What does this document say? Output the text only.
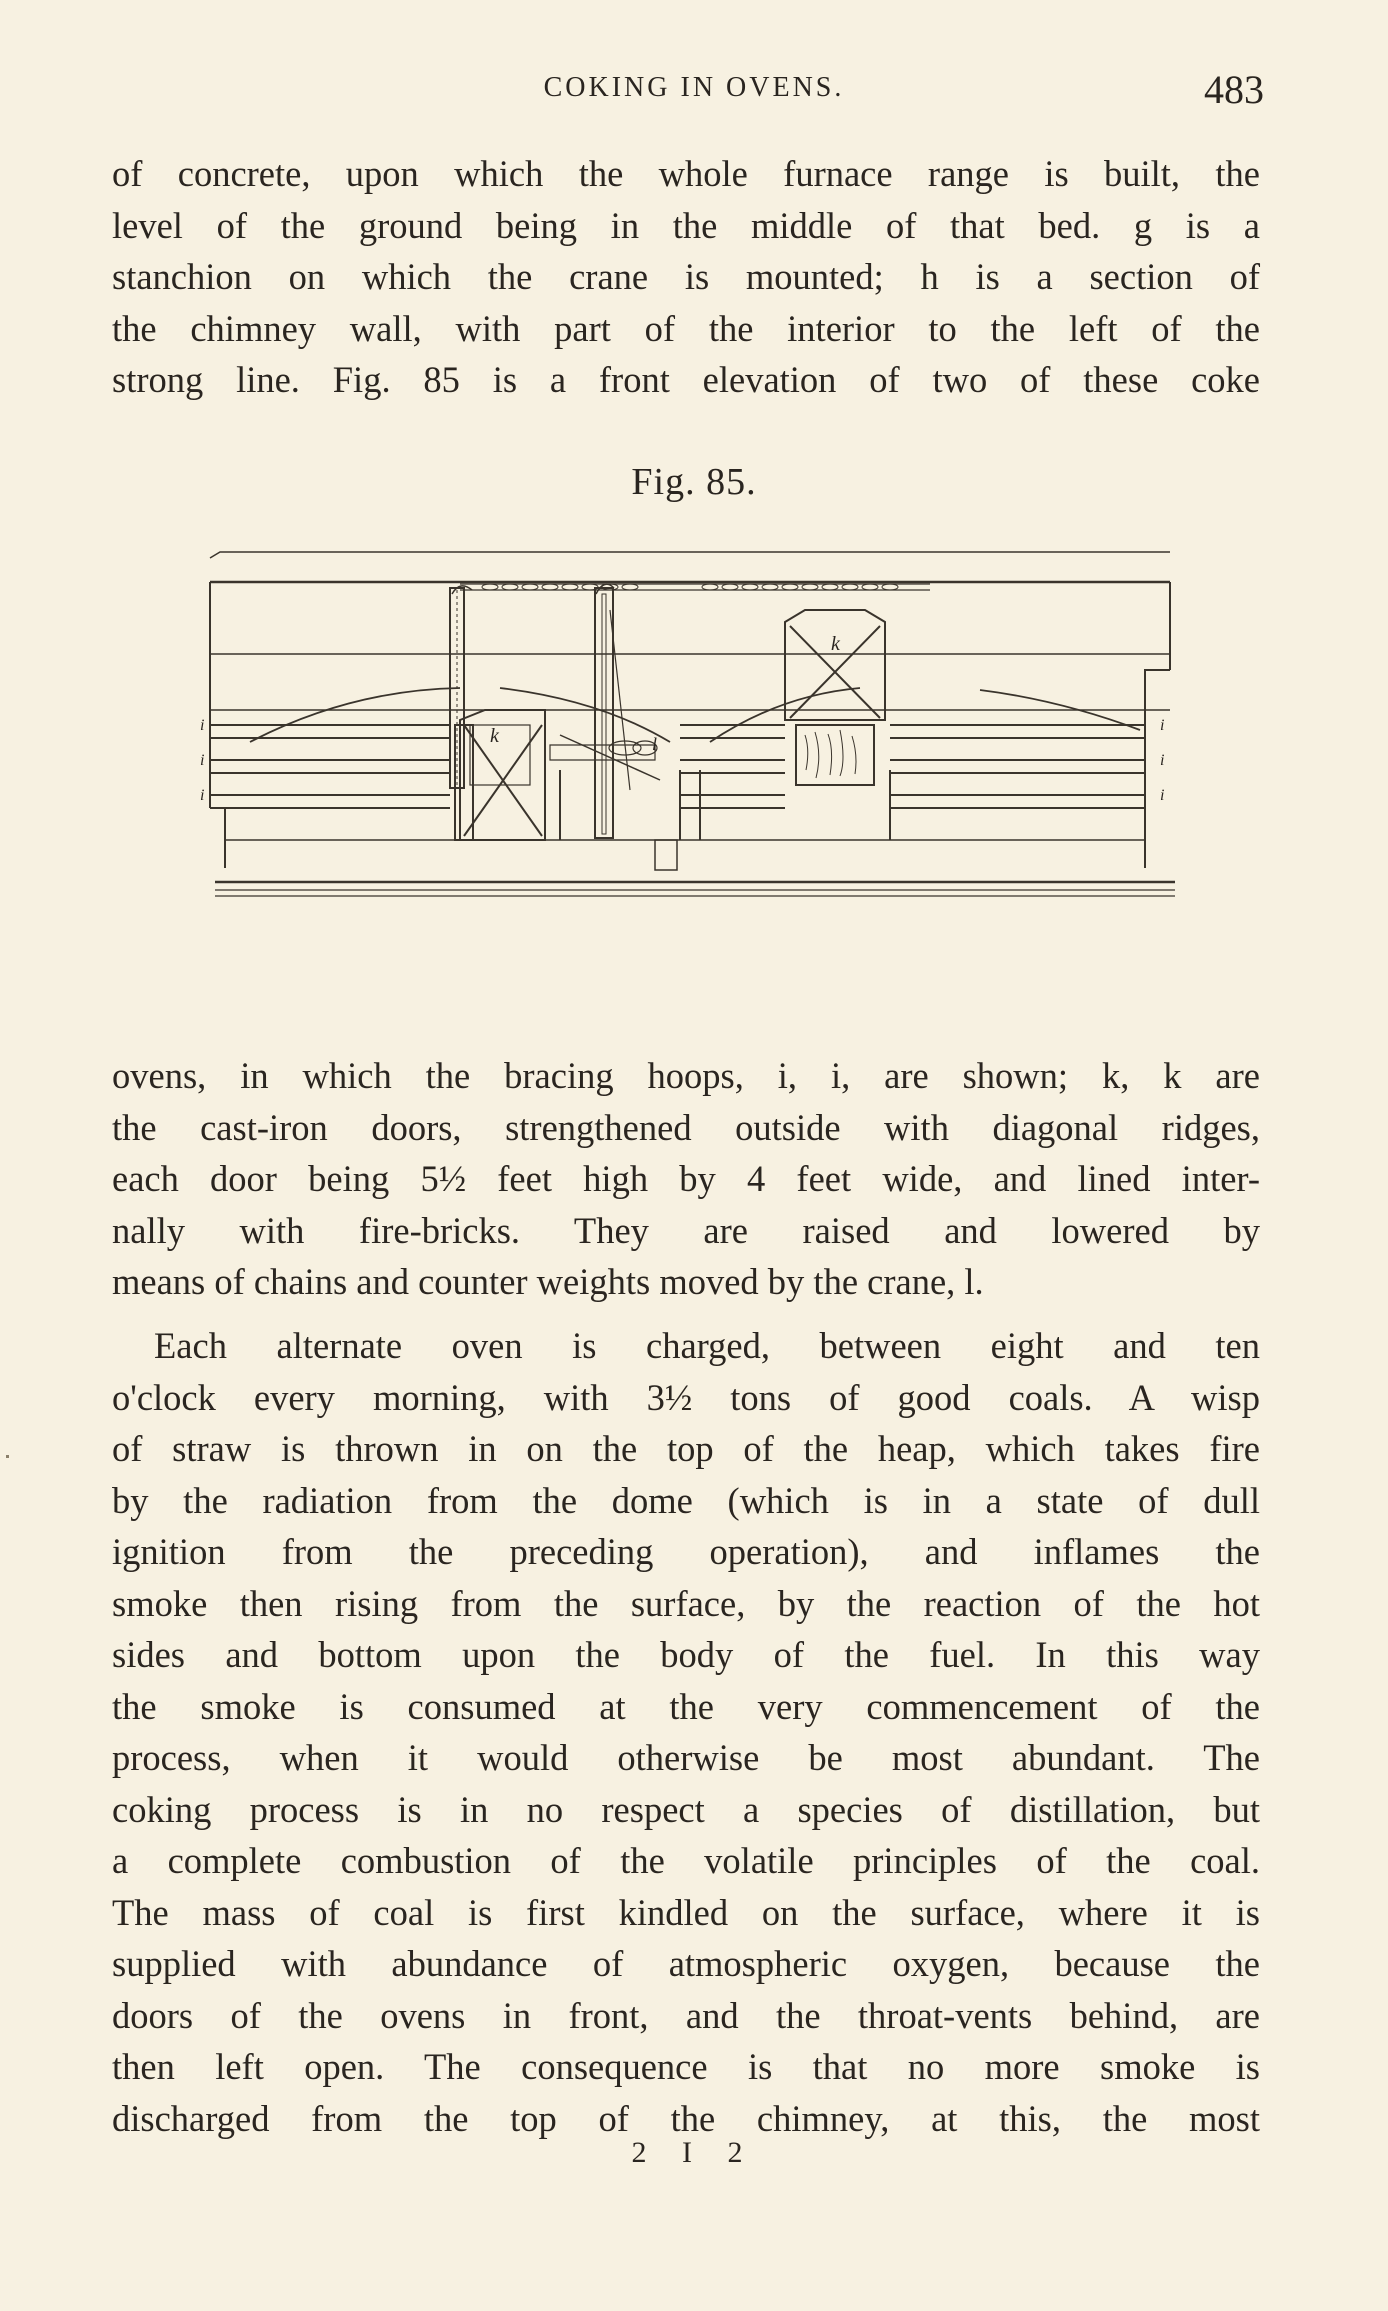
COKING IN OVENS.	483
of concrete, upon which the whole furnace range is built, the
level of the ground being in the middle of that bed. g is a
stanchion on which the crane is mounted; h is a section of
the chimney wall, with part of the interior to the left of the
strong line. Fig. 85 is a front elevation of two of these coke
Fig. 85.
k
k	l
i
i
i
i
i
i
ovens, in which the bracing hoops, i, i, are shown; k, k are
the cast-iron doors, strengthened outside with diagonal ridges,
each door being 5½ feet high by 4 feet wide, and lined inter-
nally with fire-bricks. They are raised and lowered by
means of chains and counter weights moved by the crane, l.
Each alternate oven is charged, between eight and ten
o'clock every morning, with 3½ tons of good coals. A wisp
of straw is thrown in on the top of the heap, which takes fire
by the radiation from the dome (which is in a state of dull
ignition from the preceding operation), and inflames the
smoke then rising from the surface, by the reaction of the hot
sides and bottom upon the body of the fuel. In this way
the smoke is consumed at the very commencement of the
process, when it would otherwise be most abundant. The
coking process is in no respect a species of distillation, but
a complete combustion of the volatile principles of the coal.
The mass of coal is first kindled on the surface, where it is
supplied with abundance of atmospheric oxygen, because the
doors of the ovens in front, and the throat-vents behind, are
then left open. The consequence is that no more smoke is
discharged from the top of the chimney, at this, the most
2 I 2
